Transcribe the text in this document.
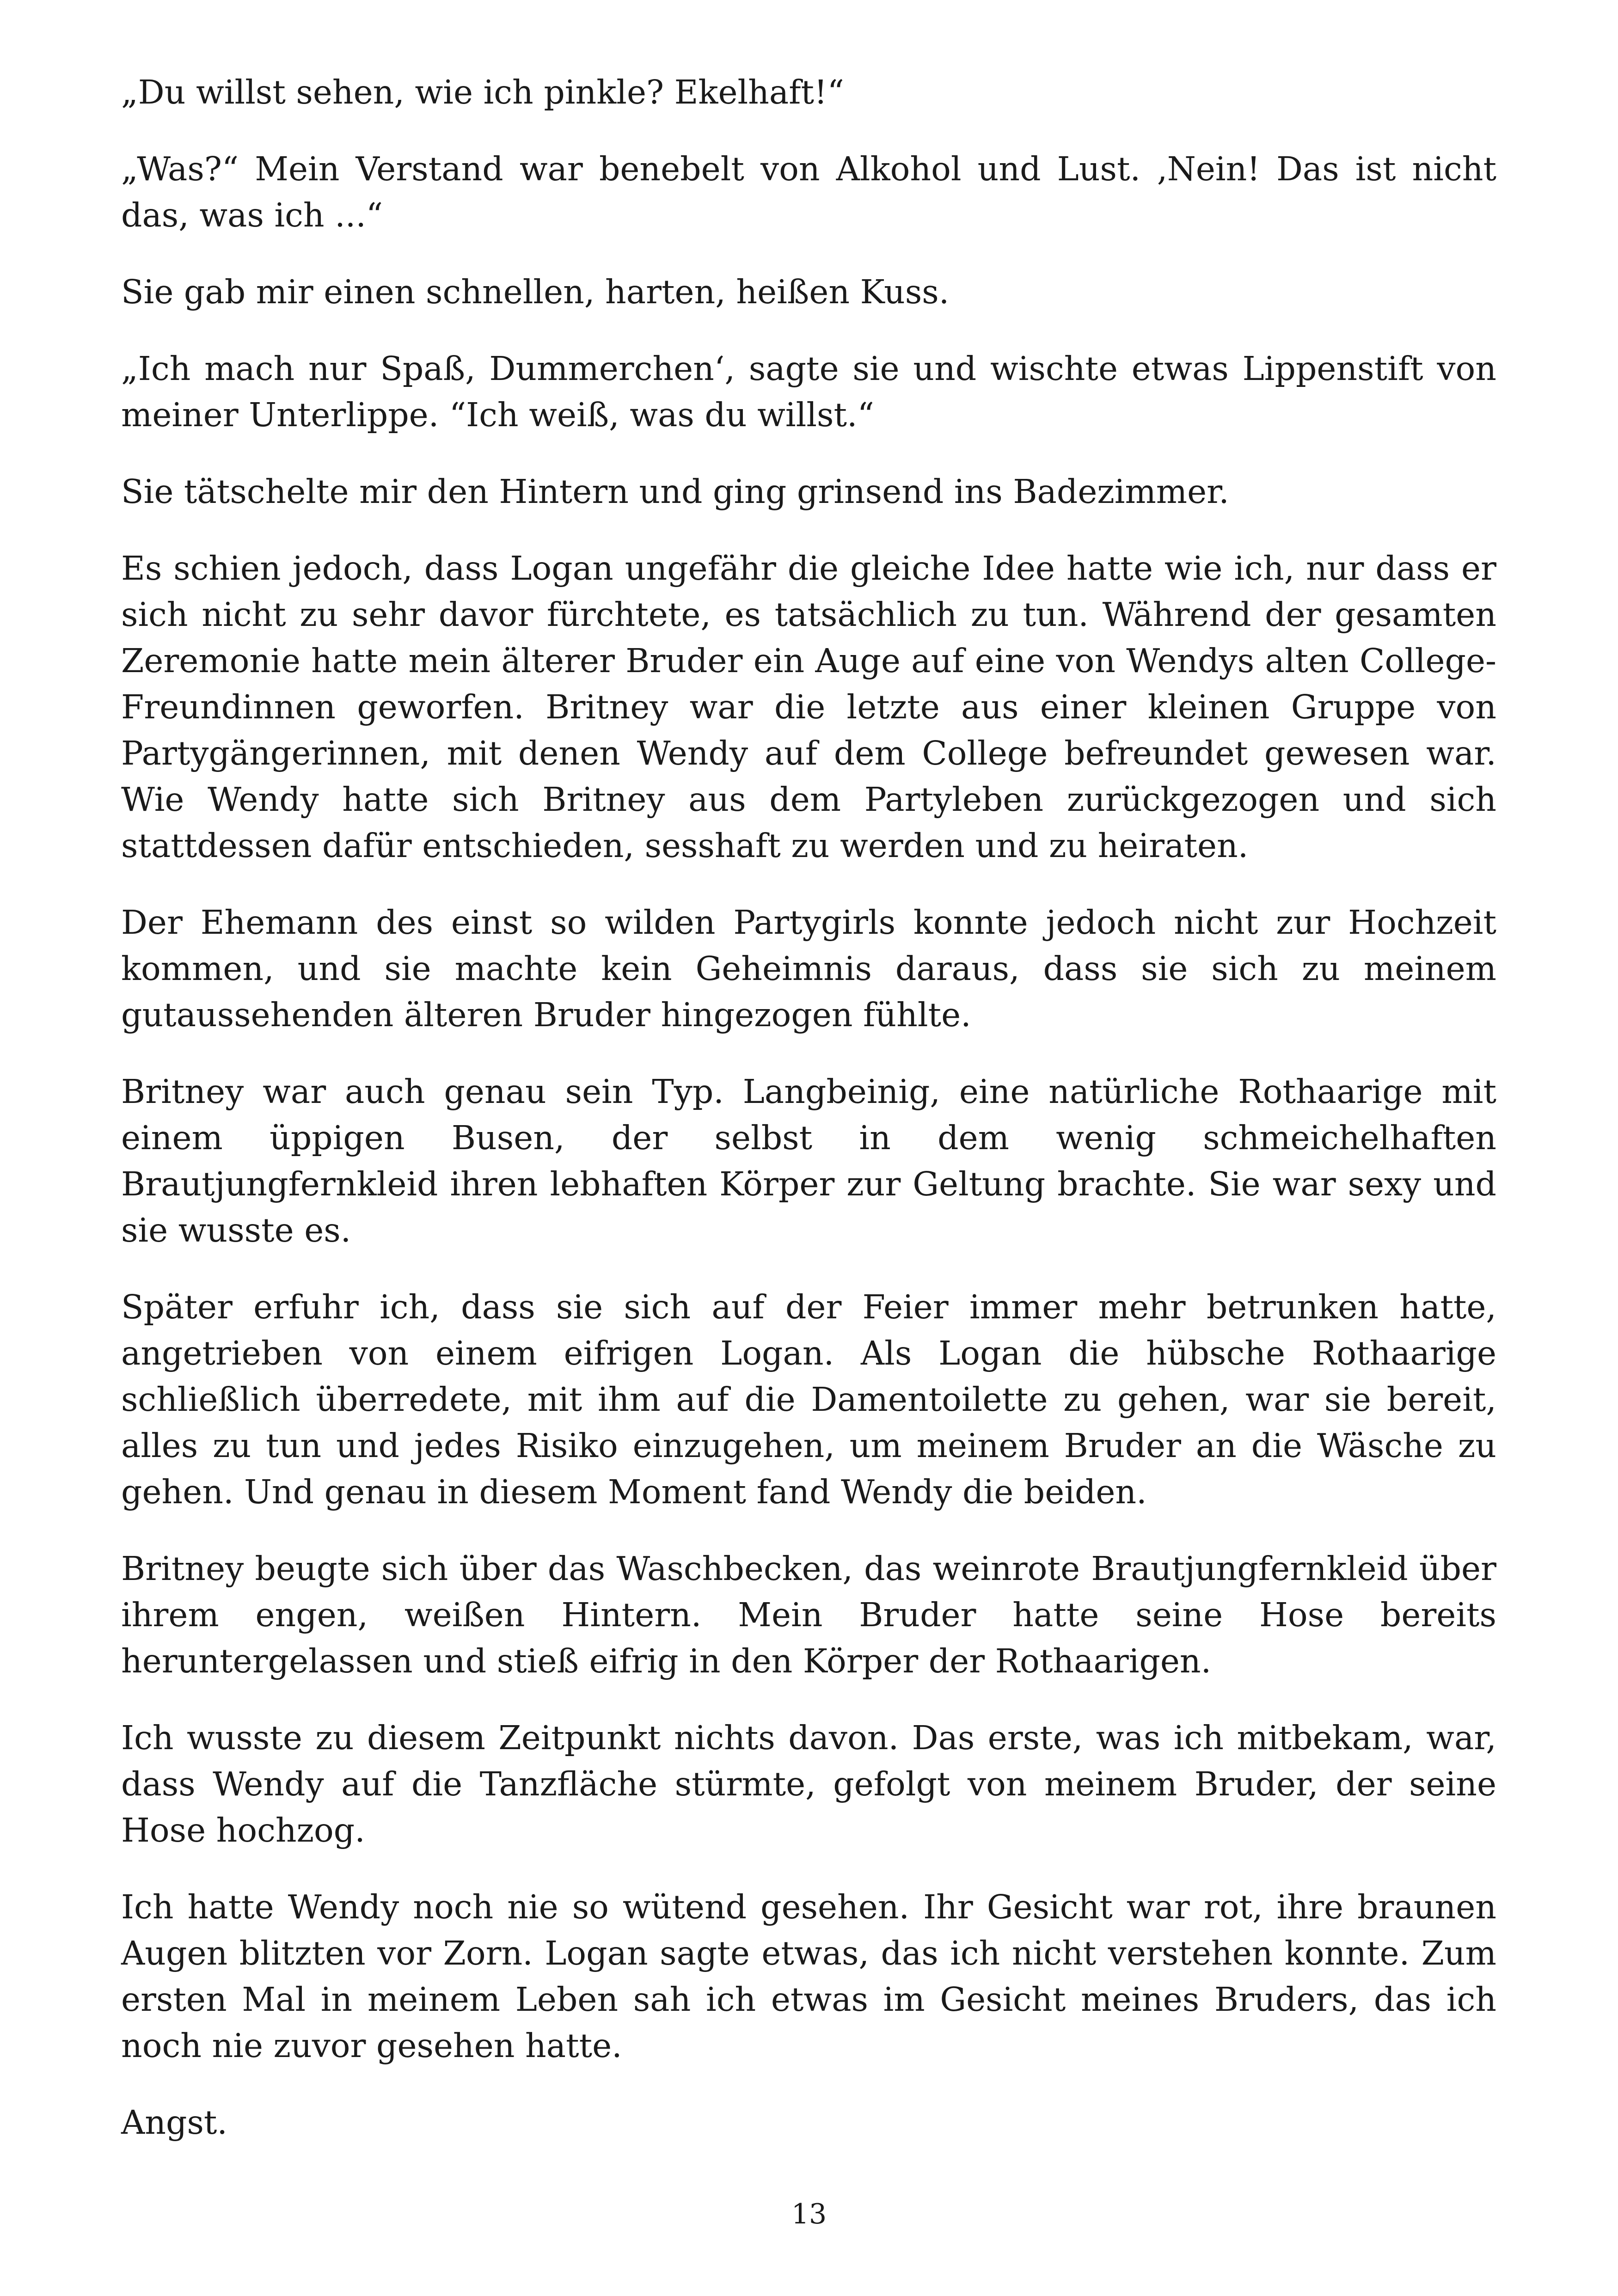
„Du willst sehen, wie ich pinkle? Ekelhaft!“

„Was?“ Mein Verstand war benebelt von Alkohol und Lust. ‚Nein! Das ist nicht das, was ich ...“

Sie gab mir einen schnellen, harten, heißen Kuss.

„Ich mach nur Spaß, Dummerchen‘, sagte sie und wischte etwas Lippenstift von meiner Unterlippe. “Ich weiß, was du willst.“

Sie tätschelte mir den Hintern und ging grinsend ins Badezimmer.

Es schien jedoch, dass Logan ungefähr die gleiche Idee hatte wie ich, nur dass er sich nicht zu sehr davor fürchtete, es tatsächlich zu tun. Während der gesamten Zeremonie hatte mein älterer Bruder ein Auge auf eine von Wendys alten College-Freundinnen geworfen. Britney war die letzte aus einer kleinen Gruppe von Partygängerinnen, mit denen Wendy auf dem College befreundet gewesen war. Wie Wendy hatte sich Britney aus dem Partyleben zurückgezogen und sich stattdessen dafür entschieden, sesshaft zu werden und zu heiraten.

Der Ehemann des einst so wilden Partygirls konnte jedoch nicht zur Hochzeit kommen, und sie machte kein Geheimnis daraus, dass sie sich zu meinem gutaussehenden älteren Bruder hingezogen fühlte.

Britney war auch genau sein Typ. Langbeinig, eine natürliche Rothaarige mit einem üppigen Busen, der selbst in dem wenig schmeichelhaften Brautjungfernkleid ihren lebhaften Körper zur Geltung brachte. Sie war sexy und sie wusste es.

Später erfuhr ich, dass sie sich auf der Feier immer mehr betrunken hatte, angetrieben von einem eifrigen Logan. Als Logan die hübsche Rothaarige schließlich überredete, mit ihm auf die Damentoilette zu gehen, war sie bereit, alles zu tun und jedes Risiko einzugehen, um meinem Bruder an die Wäsche zu gehen. Und genau in diesem Moment fand Wendy die beiden.

Britney beugte sich über das Waschbecken, das weinrote Brautjungfernkleid über ihrem engen, weißen Hintern. Mein Bruder hatte seine Hose bereits heruntergelassen und stieß eifrig in den Körper der Rothaarigen.

Ich wusste zu diesem Zeitpunkt nichts davon. Das erste, was ich mitbekam, war, dass Wendy auf die Tanzfläche stürmte, gefolgt von meinem Bruder, der seine Hose hochzog.

Ich hatte Wendy noch nie so wütend gesehen. Ihr Gesicht war rot, ihre braunen Augen blitzten vor Zorn. Logan sagte etwas, das ich nicht verstehen konnte. Zum ersten Mal in meinem Leben sah ich etwas im Gesicht meines Bruders, das ich noch nie zuvor gesehen hatte.

Angst.

13
